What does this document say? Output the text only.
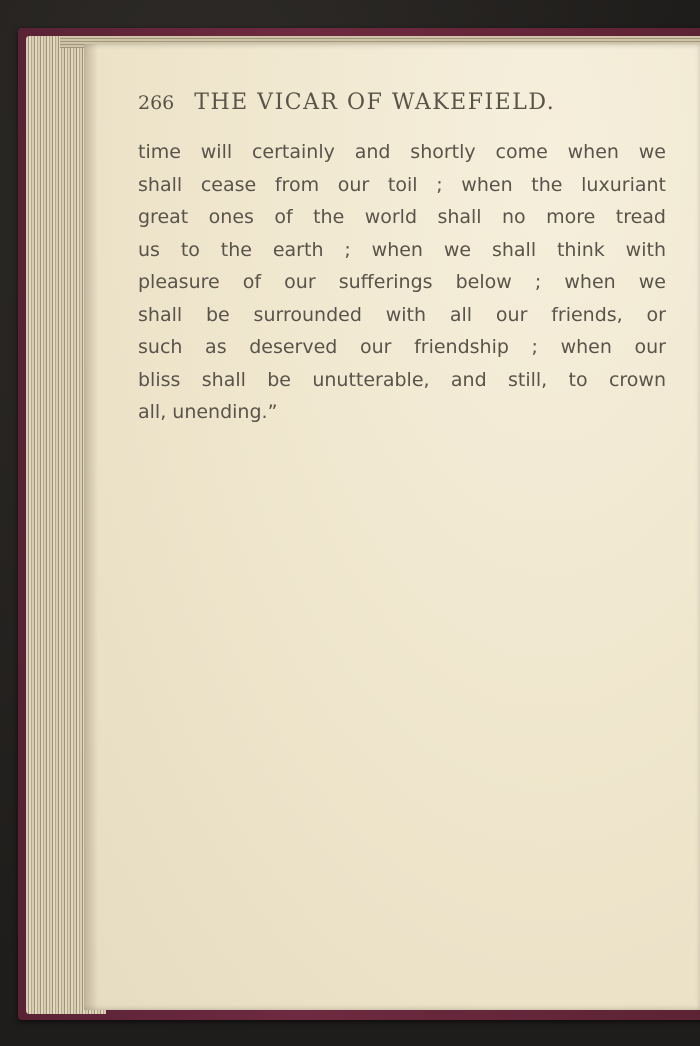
266 THE VICAR OF WAKEFIELD.
time will certainly and shortly come when we
shall cease from our toil ; when the luxuriant
great ones of the world shall no more tread
us to the earth ; when we shall think with
pleasure of our sufferings below ; when we
shall be surrounded with all our friends, or
such as deserved our friendship ; when our
bliss shall be unutterable, and still, to crown
all, unending.”
